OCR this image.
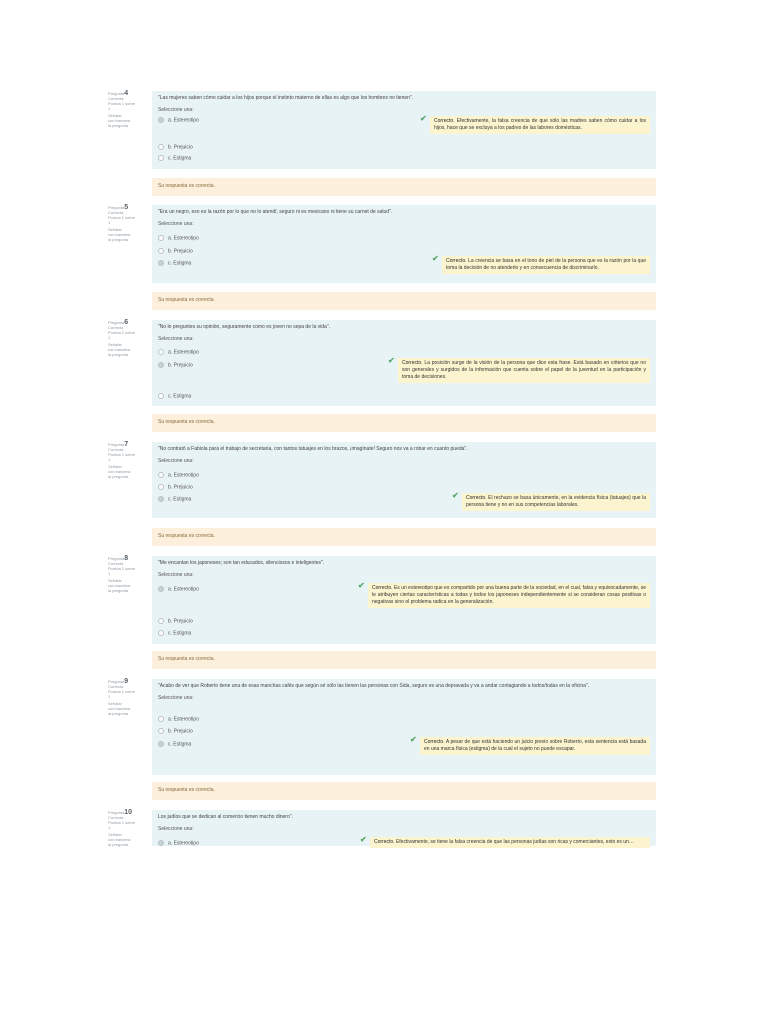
Pregunta4
Correcta
Puntúa 1 sobre
1
Señalar
con bandera
la pregunta
"Las mujeres saben cómo cuidar a los hijos porque el instinto materno de ellas es algo que los hombres no tienen".
Seleccione una:
a. Estereotipo
b. Prejuicio
c. Estigma
✔	Correcto. Efectivamente, la falsa creencia de que sólo las madres saben cómo cuidar a los hijos, hace que se excluya a los padres de las labores domésticas.
Su respuesta es correcta.
Pregunta5
Correcta
Puntúa 1 sobre
1
Señalar
con bandera
la pregunta
"Era un negro, eso es la razón por lo que no lo atendí, seguro ni es mexicano ni tiene su carnet de salud".
Seleccione una:
a. Estereotipo
b. Prejuicio
c. Estigma
✔	Correcto. La creencia se basa en el tono de piel de la persona que es la razón por la que toma la decisión de no atenderlo y en consecuencia de discriminarlo.
Su respuesta es correcta.
Pregunta6
Correcta
Puntúa 1 sobre
1
Señalar
con bandera
la pregunta
"No le preguntes su opinión, seguramente como es joven no sepa de la vida".
Seleccione una:
a. Estereotipo
b. Prejuicio
c. Estigma
✔	Correcto. La posición surge de la visión de la persona que dice esta frase. Está basado en criterios que no son generales y surgidos de la información que cuenta sobre el papel de la juventud en la participación y toma de decisiones.
Su respuesta es correcta.
Pregunta7
Correcta
Puntúa 1 sobre
1
Señalar
con bandera
la pregunta
"No contrató a Fabiola para el trabajo de secretaria, con tantos tatuajes en los brazos, ¡imagínate! Seguro nos va a robar en cuanto pueda".
Seleccione una:
a. Estereotipo
b. Prejuicio
c. Estigma	✔	Correcto. El rechazo se basa únicamente, en la evidencia física (tatuajes) que la persona tiene y no en sus competencias laborales.
Su respuesta es correcta.
Pregunta8
Correcta
Puntúa 1 sobre
1
Señalar
con bandera
la pregunta
"Me encantan los japoneses; son tan educados, silenciosos e inteligentes".
Seleccione una:
a. Estereotipo
b. Prejuicio
c. Estigma
✔	Correcto. Es un estereotipo que es compartido por una buena parte de la sociedad, en el cual, falsa y equivocadamente, se le atribuyen ciertas características a todas y todos los japoneses independientemente si se consideran cosas positivas o negativas sino el problema radica en la generalización.
Su respuesta es correcta.
Pregunta9
Correcta
Puntúa 1 sobre
1
Señalar
con bandera
la pregunta
"Acabo de ver que Roberto tiene una de esas manchas cafés que según sé sólo las tienen las personas con Sida, seguro es una depravada y va a andar contagiando a todos/todas en la oficina".
Seleccione una:
a. Estereotipo
b. Prejuicio
c. Estigma
✔	Correcto. A pesar de que está haciendo un juicio previo sobre Roberto, esta sentencia está basada en una marca física (estigma) de la cual el sujeto no puede escapar.
Su respuesta es correcta.
Pregunta10
Correcta
Puntúa 1 sobre
1
Señalar
con bandera
la pregunta
Los judíos que se dedican al comercio tienen mucho dinero".
Seleccione una:
a. Estereotipo	✔	Correcto. Efectivamente, se tiene la falsa creencia de que las personas judías son ricas y comerciantes, esto es un…
